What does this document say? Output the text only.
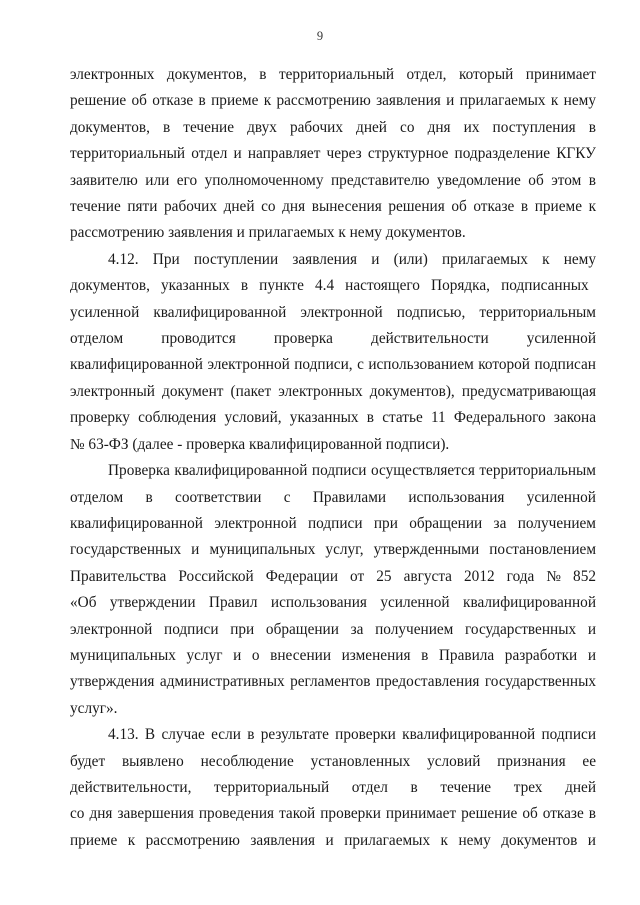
9

электронных документов, в территориальный отдел, который принимает
решение об отказе в приеме к рассмотрению заявления и прилагаемых к нему
документов, в течение двух рабочих дней со дня их поступления в
территориальный отдел и направляет через структурное подразделение КГКУ
заявителю или его уполномоченному представителю уведомление об этом в
течение пяти рабочих дней со дня вынесения решения об отказе в приеме к
рассмотрению заявления и прилагаемых к нему документов.

4.12. При поступлении заявления и (или) прилагаемых к нему
документов, указанных в пункте 4.4 настоящего Порядка, подписанных
усиленной квалифицированной электронной подписью, территориальным
отделом проводится проверка действительности усиленной
квалифицированной электронной подписи, с использованием которой подписан
электронный документ (пакет электронных документов), предусматривающая
проверку соблюдения условий, указанных в статье 11 Федерального закона
№ 63-ФЗ (далее - проверка квалифицированной подписи).

Проверка квалифицированной подписи осуществляется территориальным
отделом в соответствии с Правилами использования усиленной
квалифицированной электронной подписи при обращении за получением
государственных и муниципальных услуг, утвержденными постановлением
Правительства Российской Федерации от 25 августа 2012 года № 852
«Об утверждении Правил использования усиленной квалифицированной
электронной подписи при обращении за получением государственных и
муниципальных услуг и о внесении изменения в Правила разработки и
утверждения административных регламентов предоставления государственных
услуг».

4.13. В случае если в результате проверки квалифицированной подписи
будет выявлено несоблюдение установленных условий признания ее
действительности, территориальный отдел в течение трех дней
со дня завершения проведения такой проверки принимает решение об отказе в
приеме к рассмотрению заявления и прилагаемых к нему документов и
